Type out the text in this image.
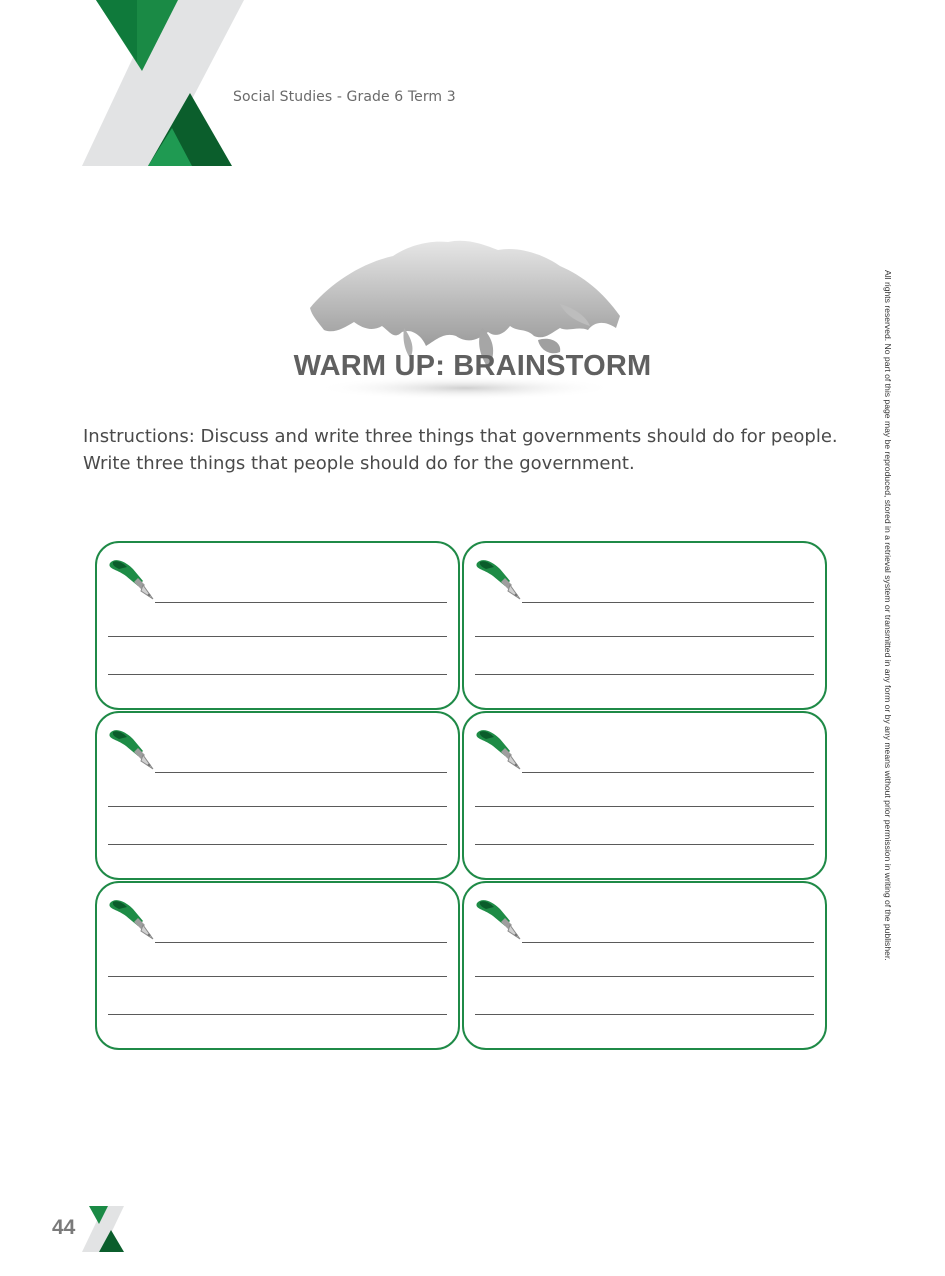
Social Studies - Grade 6 Term 3
All rights reserved. No part of this page may be reproduced, stored in a retrieval system or transmitted in any form or by any means without prior permission in writing of the publisher.
WARM UP: BRAINSTORM
Instructions: Discuss and write three things that governments should do for people. Write three things that people should do for the government.
44
